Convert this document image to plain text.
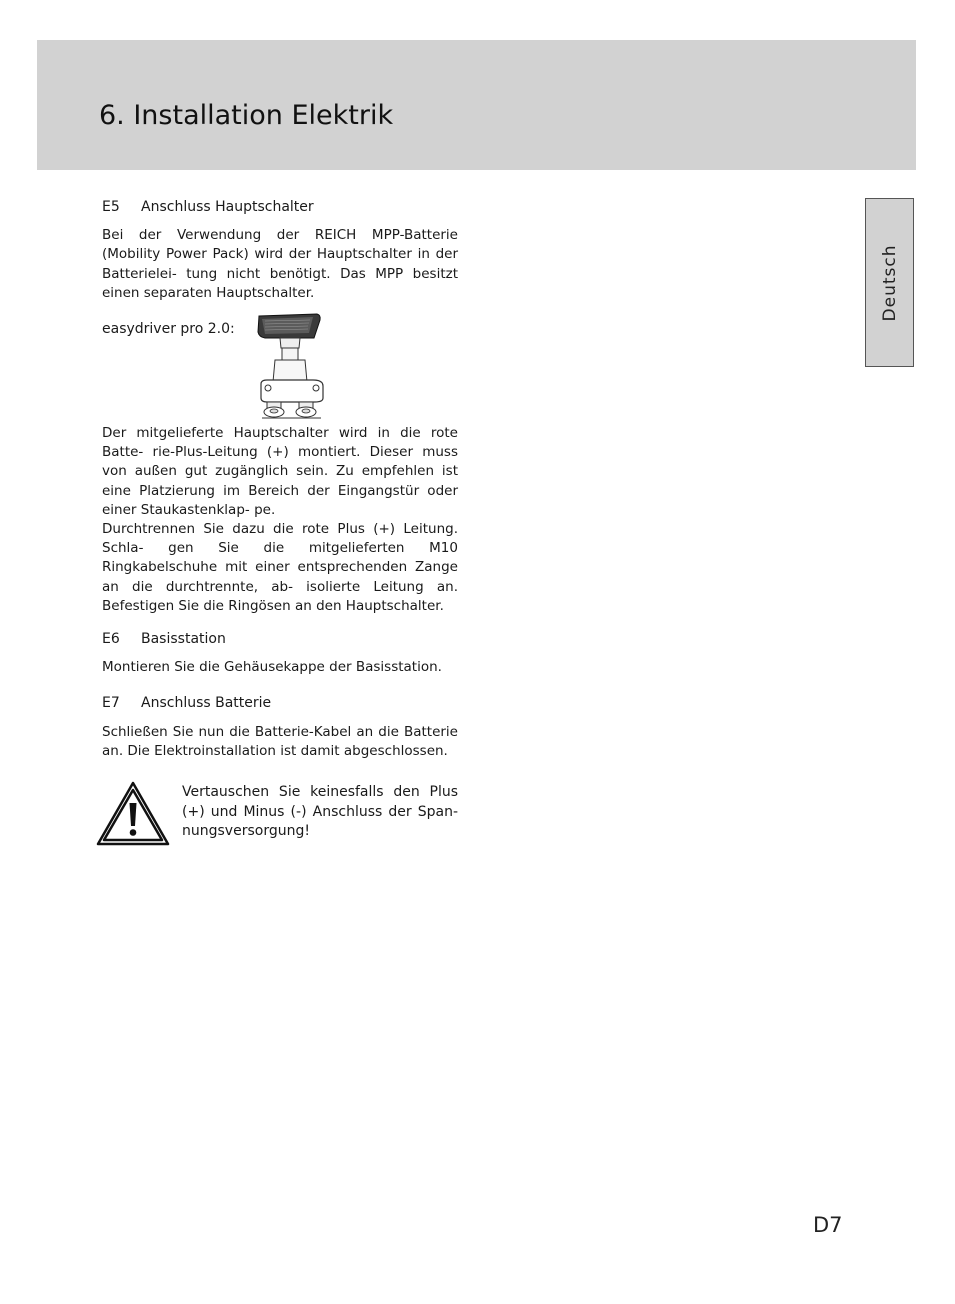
6. Installation Elektrik
Deutsch
E5 Anschluss Hauptschalter

Bei der Verwendung der REICH MPP-Batterie (Mobility Power Pack) wird der Hauptschalter in der Batterielei- tung nicht benötigt. Das MPP besitzt einen separaten Hauptschalter.

easydriver pro 2.0:

Der mitgelieferte Hauptschalter wird in die rote Batte- rie-Plus-Leitung (+) montiert. Dieser muss von außen gut zugänglich sein. Zu empfehlen ist eine Platzierung im Bereich der Eingangstür oder einer Staukastenklap- pe.

Durchtrennen Sie dazu die rote Plus (+) Leitung. Schla- gen Sie die mitgelieferten M10 Ringkabelschuhe mit einer entsprechenden Zange an die durchtrennte, ab- isolierte Leitung an. Befestigen Sie die Ringösen an den Hauptschalter.

E6 Basisstation

Montieren Sie die Gehäusekappe der Basisstation.

E7 Anschluss Batterie

Schließen Sie nun die Batterie-Kabel an die Batterie an. Die Elektroinstallation ist damit abgeschlossen.

Vertauschen Sie keinesfalls den Plus (+) und Minus (-) Anschluss der Span- nungsversorgung!
D7
